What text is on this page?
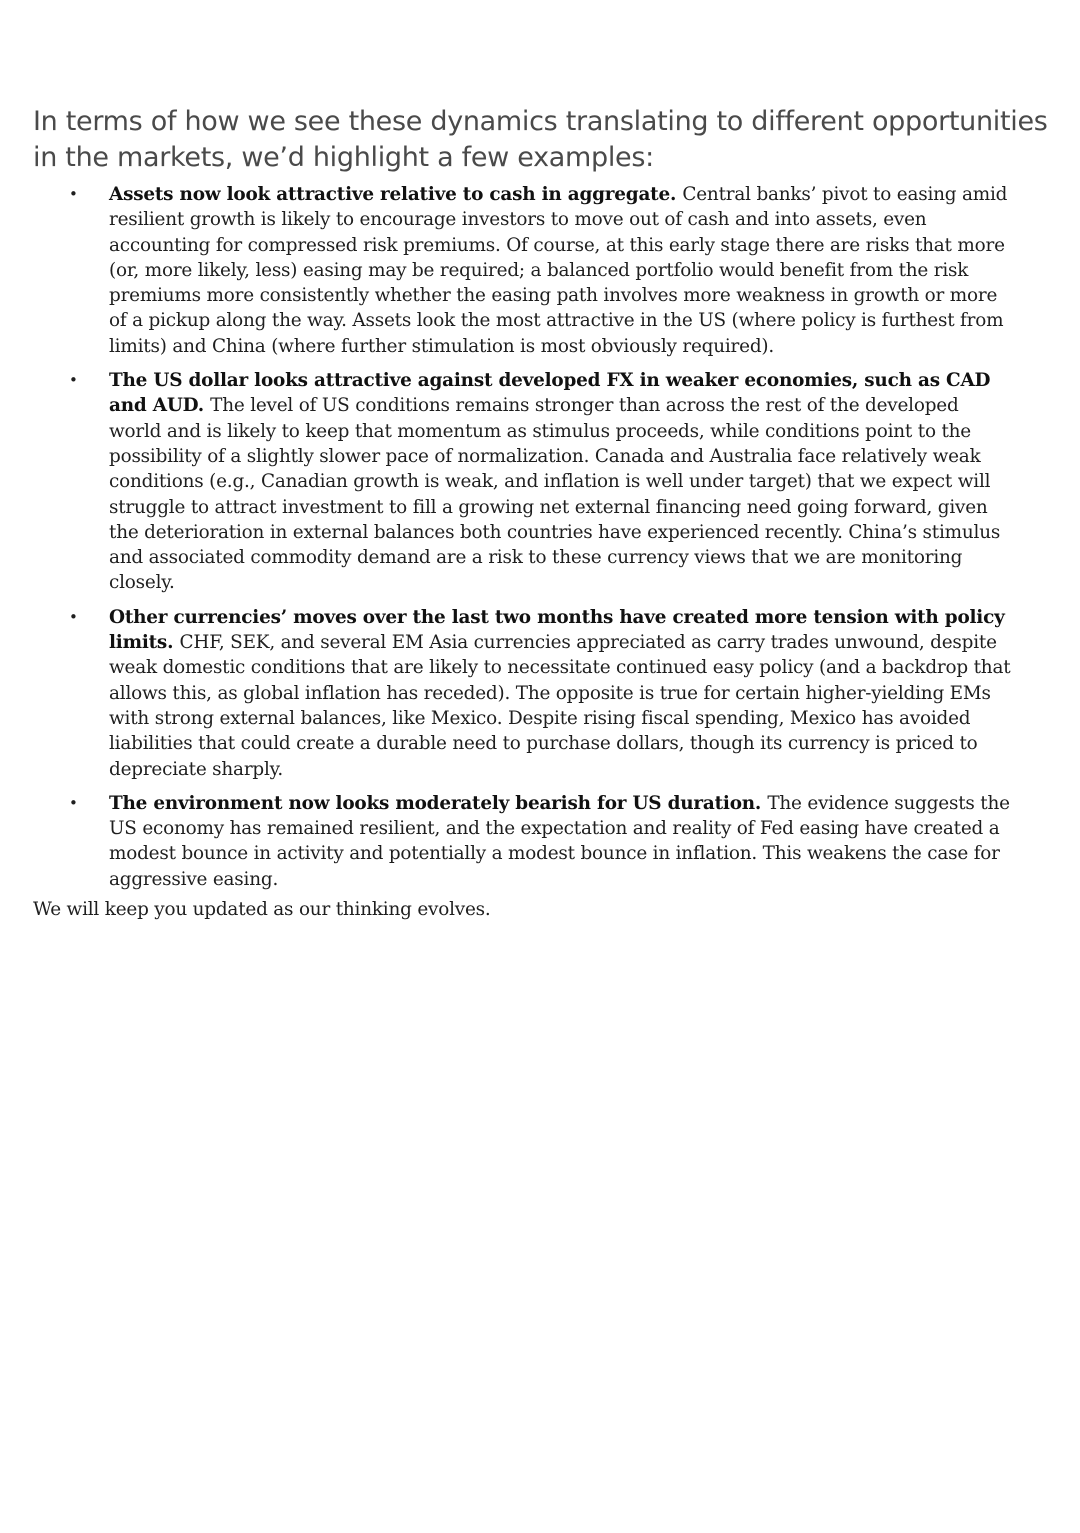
In terms of how we see these dynamics translating to different opportunities in the markets, we’d highlight a few examples:
• Assets now look attractive relative to cash in aggregate. Central banks’ pivot to easing amid resilient growth is likely to encourage investors to move out of cash and into assets, even accounting for compressed risk premiums. Of course, at this early stage there are risks that more (or, more likely, less) easing may be required; a balanced portfolio would benefit from the risk premiums more consistently whether the easing path involves more weakness in growth or more of a pickup along the way. Assets look the most attractive in the US (where policy is furthest from limits) and China (where further stimulation is most obviously required).
• The US dollar looks attractive against developed FX in weaker economies, such as CAD and AUD. The level of US conditions remains stronger than across the rest of the developed world and is likely to keep that momentum as stimulus proceeds, while conditions point to the possibility of a slightly slower pace of normalization. Canada and Australia face relatively weak conditions (e.g., Canadian growth is weak, and inflation is well under target) that we expect will struggle to attract investment to fill a growing net external financing need going forward, given the deterioration in external balances both countries have experienced recently. China’s stimulus and associated commodity demand are a risk to these currency views that we are monitoring closely.
• Other currencies’ moves over the last two months have created more tension with policy limits. CHF, SEK, and several EM Asia currencies appreciated as carry trades unwound, despite weak domestic conditions that are likely to necessitate continued easy policy (and a backdrop that allows this, as global inflation has receded). The opposite is true for certain higher-yielding EMs with strong external balances, like Mexico. Despite rising fiscal spending, Mexico has avoided liabilities that could create a durable need to purchase dollars, though its currency is priced to depreciate sharply.
• The environment now looks moderately bearish for US duration. The evidence suggests the US economy has remained resilient, and the expectation and reality of Fed easing have created a modest bounce in activity and potentially a modest bounce in inflation. This weakens the case for aggressive easing.

We will keep you updated as our thinking evolves.
